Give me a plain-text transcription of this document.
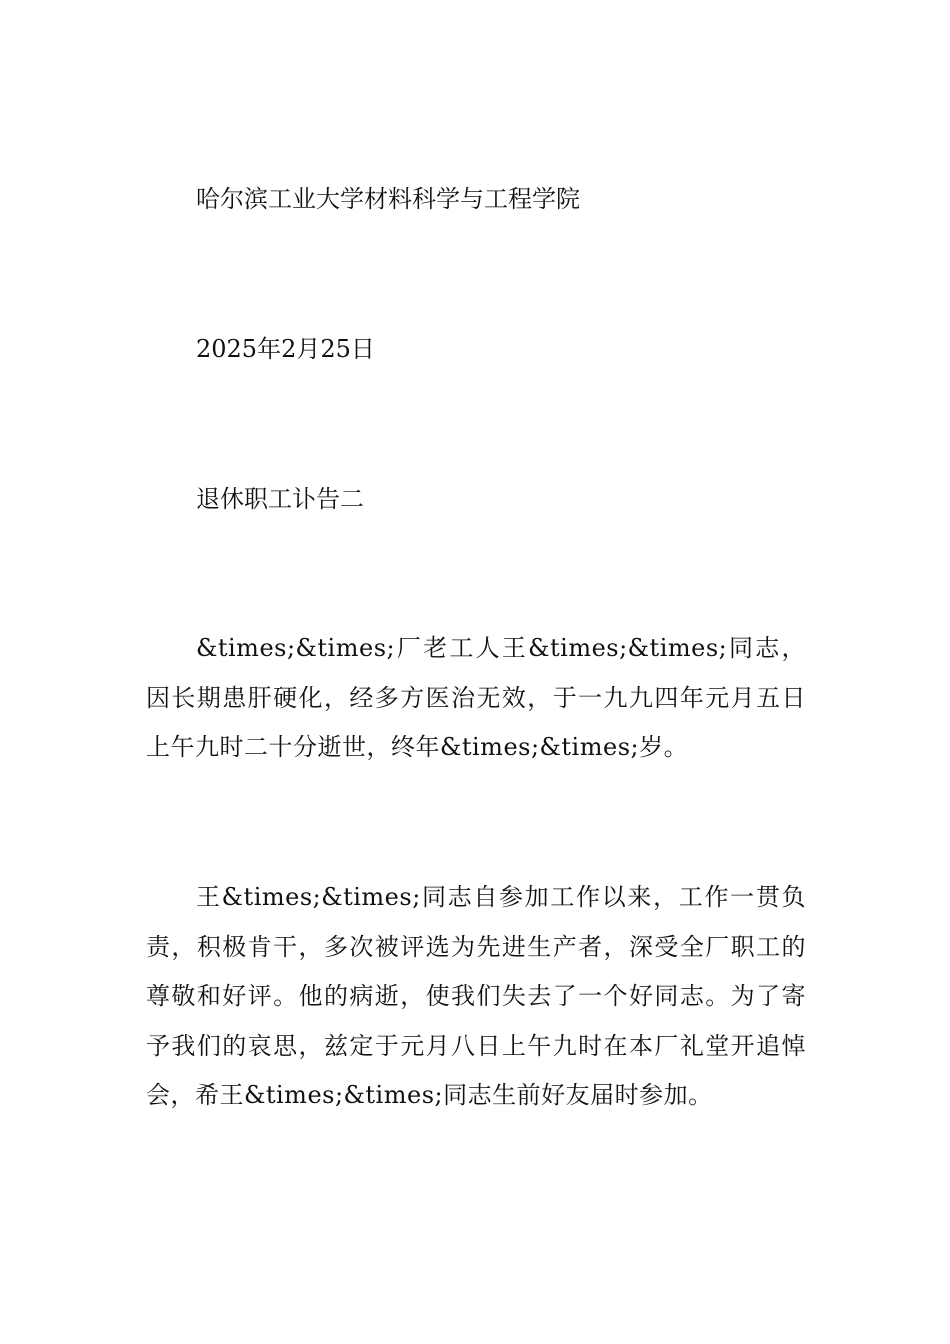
哈尔滨工业大学材料科学与工程学院
2025年2月25日
退休职工讣告二
&times;&times;厂老工人王&times;&times;同志，因长期患肝硬化，经多方医治无效，于一九九四年元月五日上午九时二十分逝世，终年&times;&times;岁。
王&times;&times;同志自参加工作以来，工作一贯负责，积极肯干，多次被评选为先进生产者，深受全厂职工的尊敬和好评。他的病逝，使我们失去了一个好同志。为了寄予我们的哀思，兹定于元月八日上午九时在本厂礼堂开追悼会，希王&times;&times;同志生前好友届时参加。
